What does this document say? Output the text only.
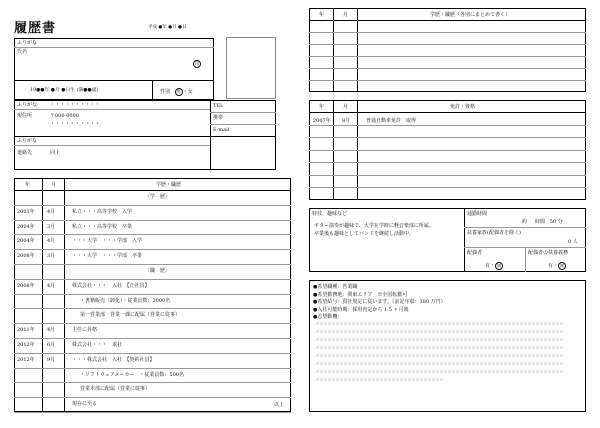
履歴書	平成 ●年 ●月 ●日
ふりがな
氏名
印
19●●年 ●月 ●日生 (満●●歳)	性別 男 ・女
ふりがな	・・・・・・・・・・
現住所	〒000-0000
・・・・・・・・・・
TEL
携帯
E-mail
ふりがな
連絡先	同上
年	月	学歴・職歴
〈学　歴〉
2001年 4月	私立・・・高等学校　入学
2004年 3月	私立・・・高等学校　卒業
2004年 4月	・・・大学　・・・学部　入学
2008年 3月	・・・大学　・・・学部　卒業
〈職　歴〉
2008年 4月	株式会社・・・　入社　【正社員】
・書籍販売（卸化）・従業員数：2000名
第一営業部　営業一課に配属（営業に従事）
2011年 4月	主任に昇格
2012年 6月	株式会社・・・　退社
2012年 9月	・・・株式会社　入社　【契約社員】
・ソフトウェアメーカー　・従業員数：500名
営業本部に配属（営業に従事）
現在に至る	以上
年	月	学歴・職歴（各別にまとめて書く）
年	月	免許・資格
2007年 8月	普通自動車免許　取得
特技、趣味など
ギター演奏が趣味で、大学在学時に軽音楽部に所属。
卒業後も趣味としてバンドを継続し活動中。
通勤時間
約 時間 50 分
扶養家族(配偶者を除く)
0 人
配偶者
有・ 無
配偶者の扶養義務
有・ 無
●希望職種：営業職
●希望勤務地：関東エリア　※全国転勤可
●希望給与：貴社規定に従います。（前記年収：380 万円）
●入社可能時期：採用内定から 1.5 ヶ月後
●志望動機：
